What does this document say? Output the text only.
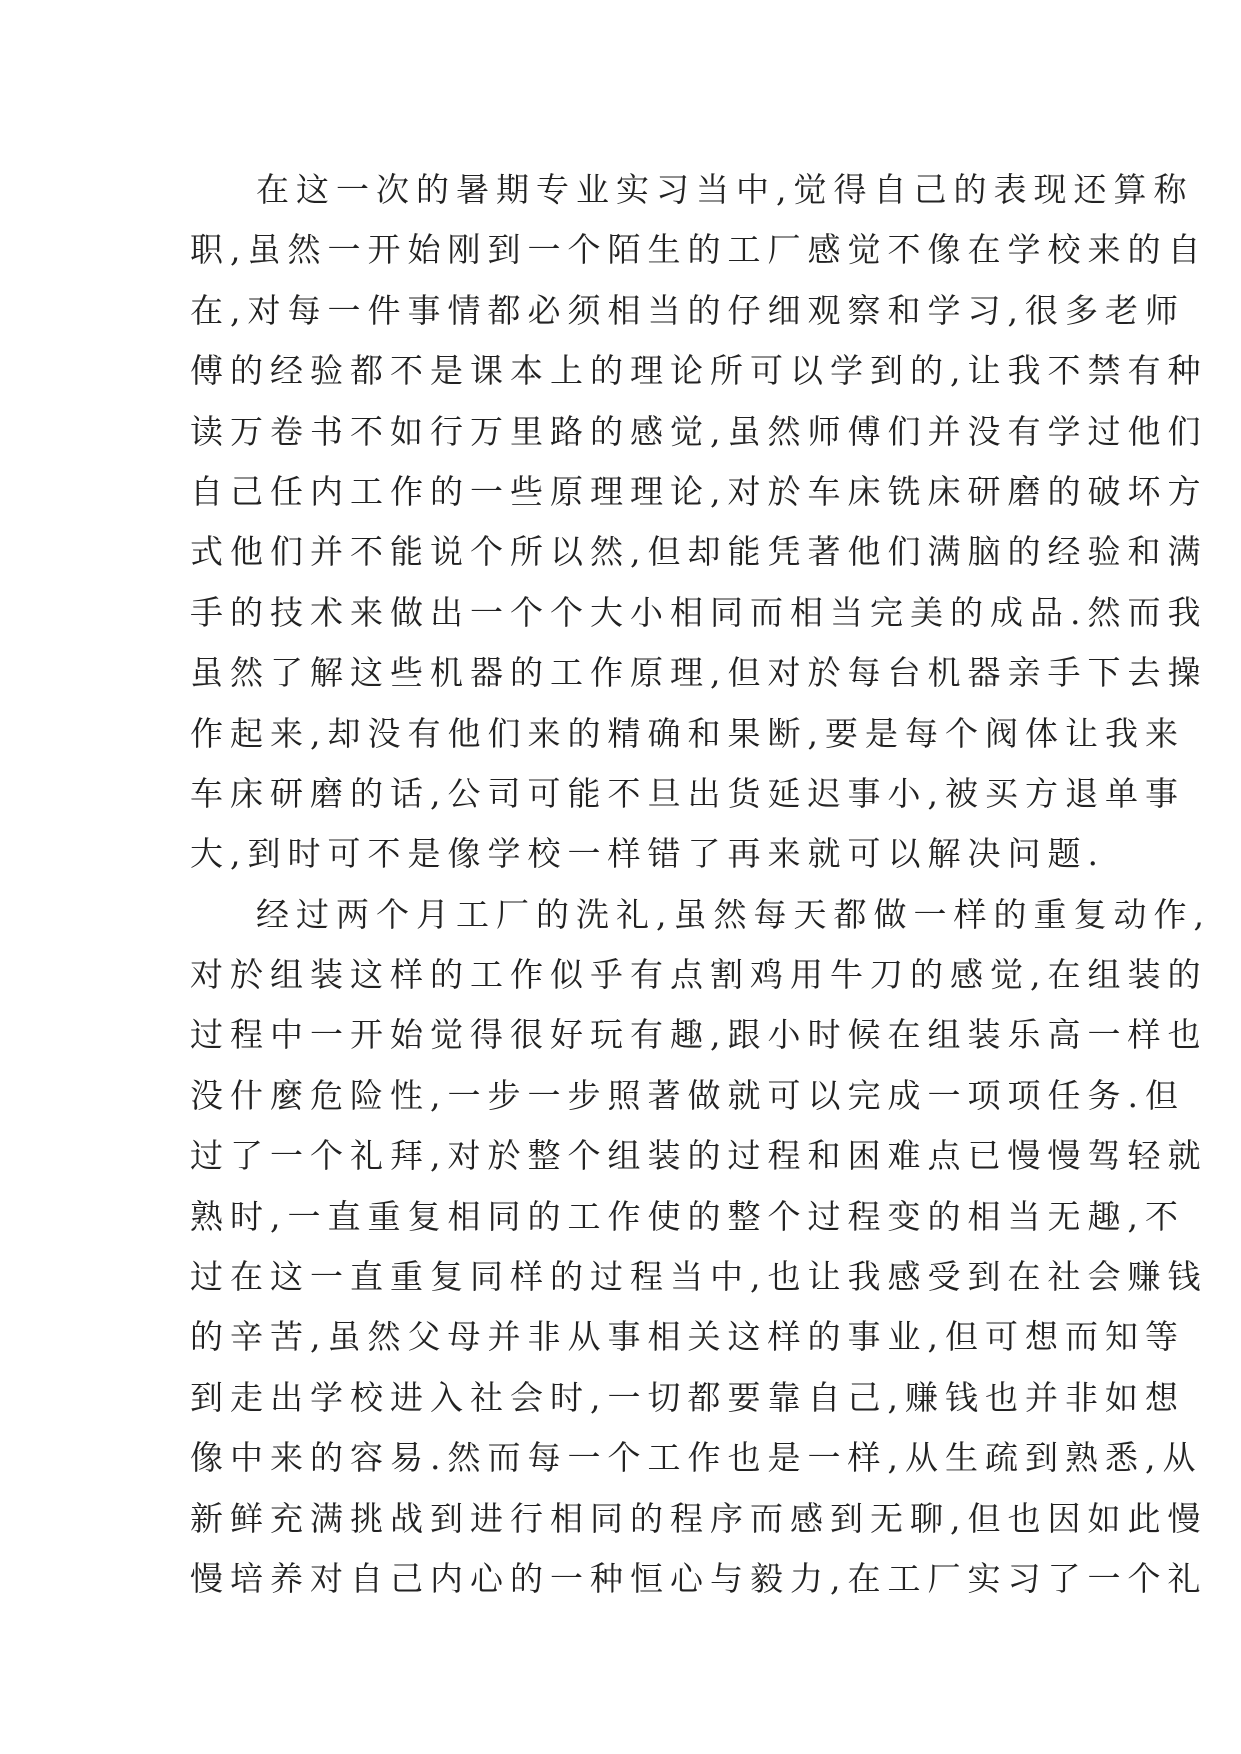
在这一次的暑期专业实习当中,觉得自己的表现还算称
职,虽然一开始刚到一个陌生的工厂感觉不像在学校来的自
在,对每一件事情都必须相当的仔细观察和学习,很多老师
傅的经验都不是课本上的理论所可以学到的,让我不禁有种
读万卷书不如行万里路的感觉,虽然师傅们并没有学过他们
自己任内工作的一些原理理论,对於车床铣床研磨的破坏方
式他们并不能说个所以然,但却能凭著他们满脑的经验和满
手的技术来做出一个个大小相同而相当完美的成品.然而我
虽然了解这些机器的工作原理,但对於每台机器亲手下去操
作起来,却没有他们来的精确和果断,要是每个阀体让我来
车床研磨的话,公司可能不旦出货延迟事小,被买方退单事
大,到时可不是像学校一样错了再来就可以解决问题.
经过两个月工厂的洗礼,虽然每天都做一样的重复动作,
对於组装这样的工作似乎有点割鸡用牛刀的感觉,在组装的
过程中一开始觉得很好玩有趣,跟小时候在组装乐高一样也
没什麼危险性,一步一步照著做就可以完成一项项任务.但
过了一个礼拜,对於整个组装的过程和困难点已慢慢驾轻就
熟时,一直重复相同的工作使的整个过程变的相当无趣,不
过在这一直重复同样的过程当中,也让我感受到在社会赚钱
的辛苦,虽然父母并非从事相关这样的事业,但可想而知等
到走出学校进入社会时,一切都要靠自己,赚钱也并非如想
像中来的容易.然而每一个工作也是一样,从生疏到熟悉,从
新鲜充满挑战到进行相同的程序而感到无聊,但也因如此慢
慢培养对自己内心的一种恒心与毅力,在工厂实习了一个礼
